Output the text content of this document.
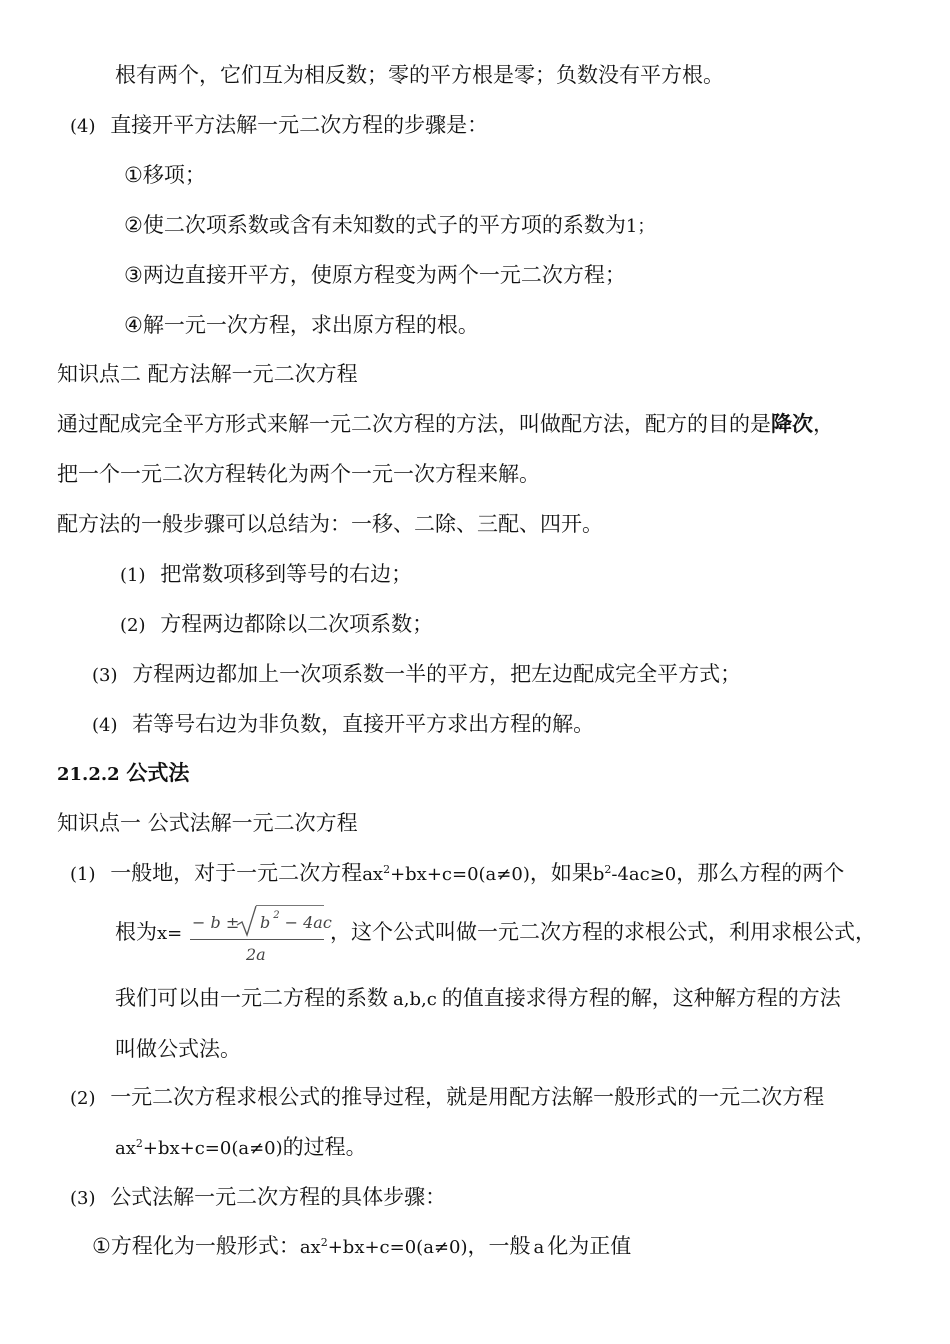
根有两个，它们互为相反数；零的平方根是零；负数没有平方根。
(4) 直接开平方法解一元二次方程的步骤是：
①移项；
②使二次项系数或含有未知数的式子的平方项的系数为1；
③两边直接开平方，使原方程变为两个一元二次方程；
④解一元一次方程，求出原方程的根。
知识点二 配方法解一元二次方程
通过配成完全平方形式来解一元二次方程的方法，叫做配方法，配方的目的是降次，
把一个一元二次方程转化为两个一元一次方程来解。
配方法的一般步骤可以总结为：一移、二除、三配、四开。
(1) 把常数项移到等号的右边；
(2) 方程两边都除以二次项系数；
(3) 方程两边都加上一次项系数一半的平方，把左边配成完全平方式；
(4) 若等号右边为非负数，直接开平方求出方程的解。
21.2.2 公式法
知识点一 公式法解一元二次方程
(1) 一般地，对于一元二次方程$ax^2+bx+c=0(a\ne 0)$，如果$b^2-4ac\ge 0$，那么方程的两个
根为x=
− b ± b $^2$ − 4ac
2a
，这个公式叫做一元二次方程的求根公式，利用求根公式，
我们可以由一元二方程的系数 a,b,c 的值直接求得方程的解，这种解方程的方法
叫做公式法。
(2) 一元二次方程求根公式的推导过程，就是用配方法解一般形式的一元二次方程
$ax^2+bx+c=0(a\ne 0)$的过程。
(3) 公式法解一元二次方程的具体步骤：
①方程化为一般形式：$ax^2+bx+c=0(a\ne 0)$，一般 a 化为正值
